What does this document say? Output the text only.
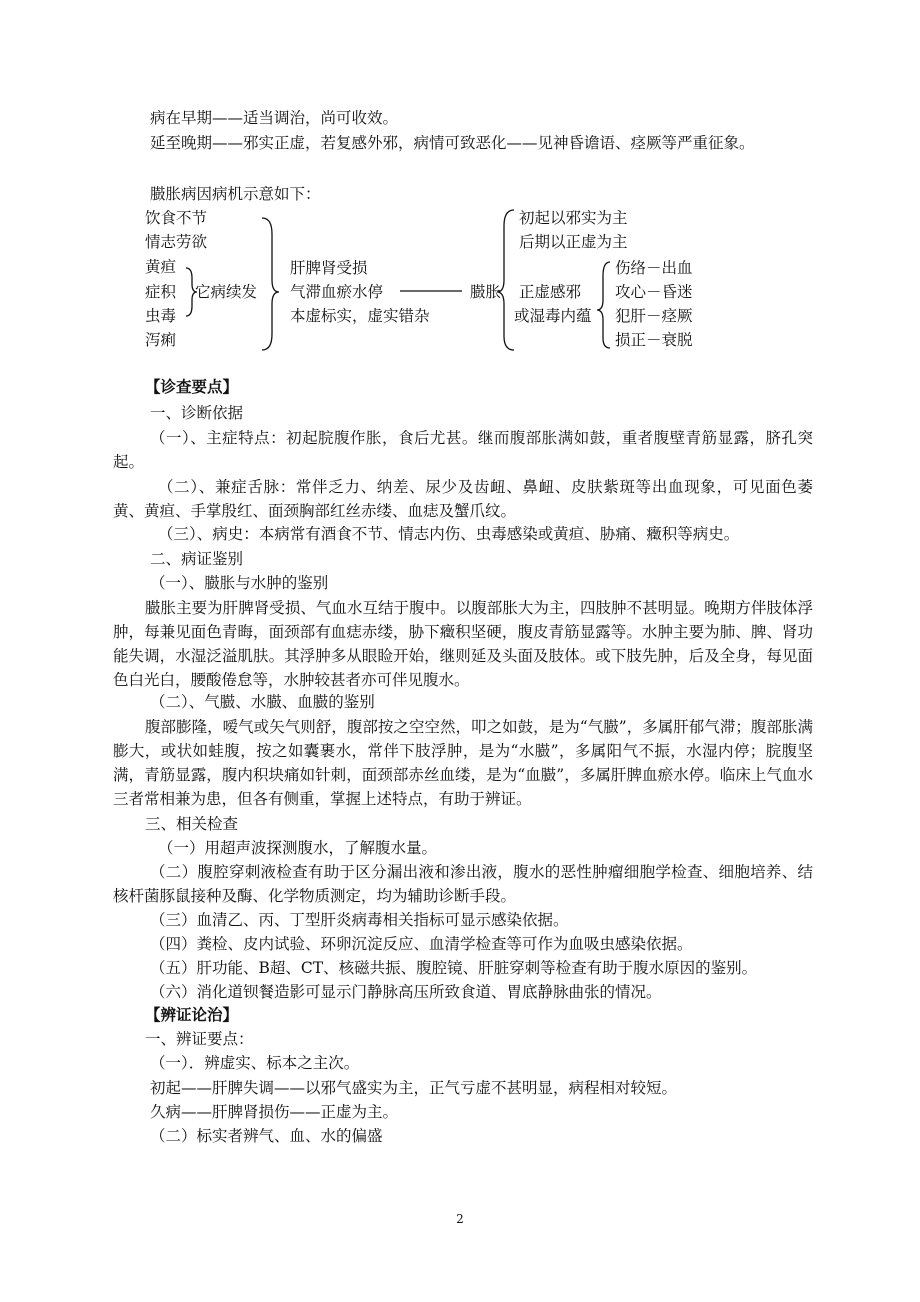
病在早期——适当调治，尚可收效。
延至晚期——邪实正虚，若复感外邪，病情可致恶化——见神昏谵语、痉厥等严重征象。
臌胀病因病机示意如下：
饮食不节
情志劳欲
黄疸
症积
虫毒
泻痢
它病续发
肝脾肾受损
气滞血瘀水停
本虚标实，虚实错杂
臌胀
初起以邪实为主
后期以正虚为主
正虚感邪
或湿毒内蕴
伤络－出血
攻心－昏迷
犯肝－痉厥
损正－衰脱
【诊查要点】
一、诊断依据
（一）、主症特点：初起脘腹作胀，食后尤甚。继而腹部胀满如鼓，重者腹壁青筋显露，脐孔突起。
（二）、兼症舌脉：常伴乏力、纳差、尿少及齿衄、鼻衄、皮肤紫斑等出血现象，可见面色萎黄、黄疸、手掌殷红、面颈胸部红丝赤缕、血痣及蟹爪纹。
（三）、病史：本病常有酒食不节、情志内伤、虫毒感染或黄疸、胁痛、癥积等病史。
二、病证鉴别
（一）、臌胀与水肿的鉴别
臌胀主要为肝脾肾受损、气血水互结于腹中。以腹部胀大为主，四肢肿不甚明显。晚期方伴肢体浮肿，每兼见面色青晦，面颈部有血痣赤缕，胁下癥积坚硬，腹皮青筋显露等。水肿主要为肺、脾、肾功能失调，水湿泛溢肌肤。其浮肿多从眼睑开始，继则延及头面及肢体。或下肢先肿，后及全身，每见面色白光白，腰酸倦怠等，水肿较甚者亦可伴见腹水。
（二）、气臌、水臌、血臌的鉴别
腹部膨隆，嗳气或矢气则舒，腹部按之空空然，叩之如鼓，是为“气臌”，多属肝郁气滞；腹部胀满膨大，或状如蛙腹，按之如囊裹水，常伴下肢浮肿，是为“水臌”，多属阳气不振，水湿内停；脘腹坚满，青筋显露，腹内积块痛如针刺，面颈部赤丝血缕，是为“血臌”，多属肝脾血瘀水停。临床上气血水三者常相兼为患，但各有侧重，掌握上述特点，有助于辨证。
三、相关检查
（一）用超声波探测腹水，了解腹水量。
（二）腹腔穿刺液检查有助于区分漏出液和渗出液，腹水的恶性肿瘤细胞学检查、细胞培养、结核杆菌豚鼠接种及酶、化学物质测定，均为辅助诊断手段。
（三）血清乙、丙、丁型肝炎病毒相关指标可显示感染依据。
（四）粪检、皮内试验、环卵沉淀反应、血清学检查等可作为血吸虫感染依据。
（五）肝功能、B超、CT、核磁共振、腹腔镜、肝脏穿刺等检查有助于腹水原因的鉴别。
（六）消化道钡餐造影可显示门静脉高压所致食道、胃底静脉曲张的情况。
【辨证论治】
一、辨证要点：
（一）．辨虚实、标本之主次。
初起——肝脾失调——以邪气盛实为主，正气亏虚不甚明显，病程相对较短。
久病——肝脾肾损伤——正虚为主。
（二）标实者辨气、血、水的偏盛
2
